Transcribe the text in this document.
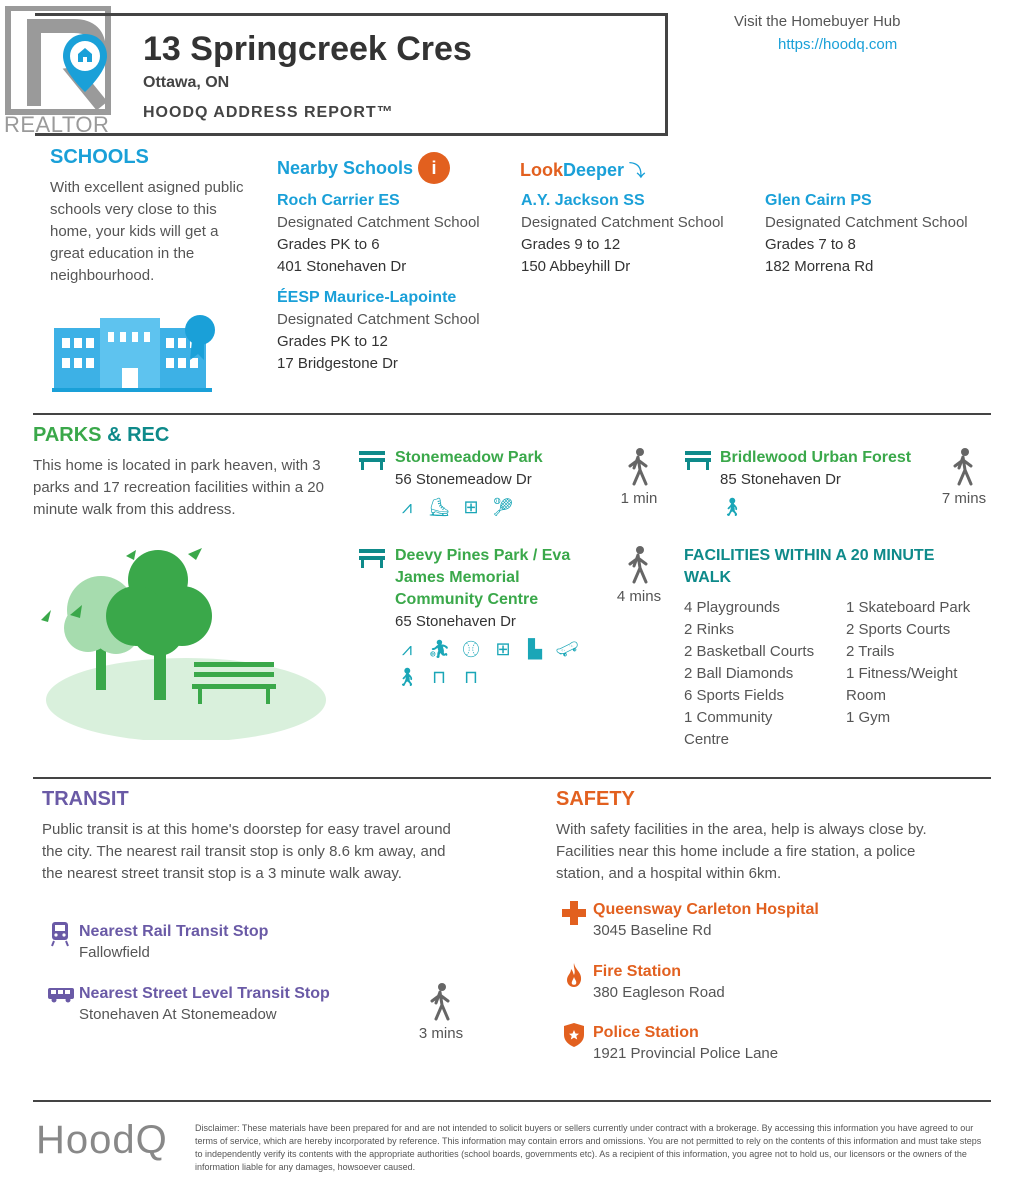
REALTOR
13 Springcreek Cres
Ottawa, ON
HOODQ ADDRESS REPORT™
Visit the Homebuyer Hub
https://hoodq.com
SCHOOLS
With excellent asigned public schools very close to this home, your kids will get a great education in the neighbourhood.
Nearby Schools	i	LookDeeper ⤵
Roch Carrier ES
Designated Catchment School
Grades PK to 6
401 Stonehaven Dr
A.Y. Jackson SS
Designated Catchment School
Grades 9 to 12
150 Abbeyhill Dr
Glen Cairn PS
Designated Catchment School
Grades 7 to 8
182 Morrena Rd
ÉESP Maurice-Lapointe
Designated Catchment School
Grades PK to 12
17 Bridgestone Dr
PARKS & REC
This home is located in park heaven, with 3 parks and 17 recreation facilities within a 20 minute walk from this address.
Stonemeadow Park
56 Stonemeadow Dr
⩘ ⛸ ⊞ 🎾︎	1 min
Bridlewood Urban Forest
85 Stonehaven Dr
🚶︎	7 mins
Deevy Pines Park / Eva James Memorial Community Centre
65 Stonehaven Dr
⩘ ⛹︎ ⚾︎ ⊞ ▙ 🛹︎
🚶︎ ⊓ ⊓
4 mins
FACILITIES WITHIN A 20 MINUTE WALK
4 Playgrounds
2 Rinks
2 Basketball Courts
2 Ball Diamonds
6 Sports Fields
1 Community Centre
1 Skateboard Park
2 Sports Courts
2 Trails
1 Fitness/Weight Room
1 Gym
TRANSIT
Public transit is at this home's doorstep for easy travel around the city. The nearest rail transit stop is only 8.6 km away, and the nearest street transit stop is a 3 minute walk away.
Nearest Rail Transit Stop
Fallowfield
Nearest Street Level Transit Stop
Stonehaven At Stonemeadow
3 mins
SAFETY
With safety facilities in the area, help is always close by. Facilities near this home include a fire station, a police station, and a hospital within 6km.
Queensway Carleton Hospital
3045 Baseline Rd
Fire Station
380 Eagleson Road
Police Station
1921 Provincial Police Lane
HoodQ	Disclaimer: These materials have been prepared for and are not intended to solicit buyers or sellers currently under contract with a brokerage. By accessing this information you have agreed to our terms of service, which are hereby incorporated by reference. This information may contain errors and omissions. You are not permitted to rely on the contents of this information and must take steps to independently verify its contents with the appropriate authorities (school boards, governments etc). As a recipient of this information, you agree not to hold us, our licensors or the owners of the information liable for any damages, howsoever caused.
